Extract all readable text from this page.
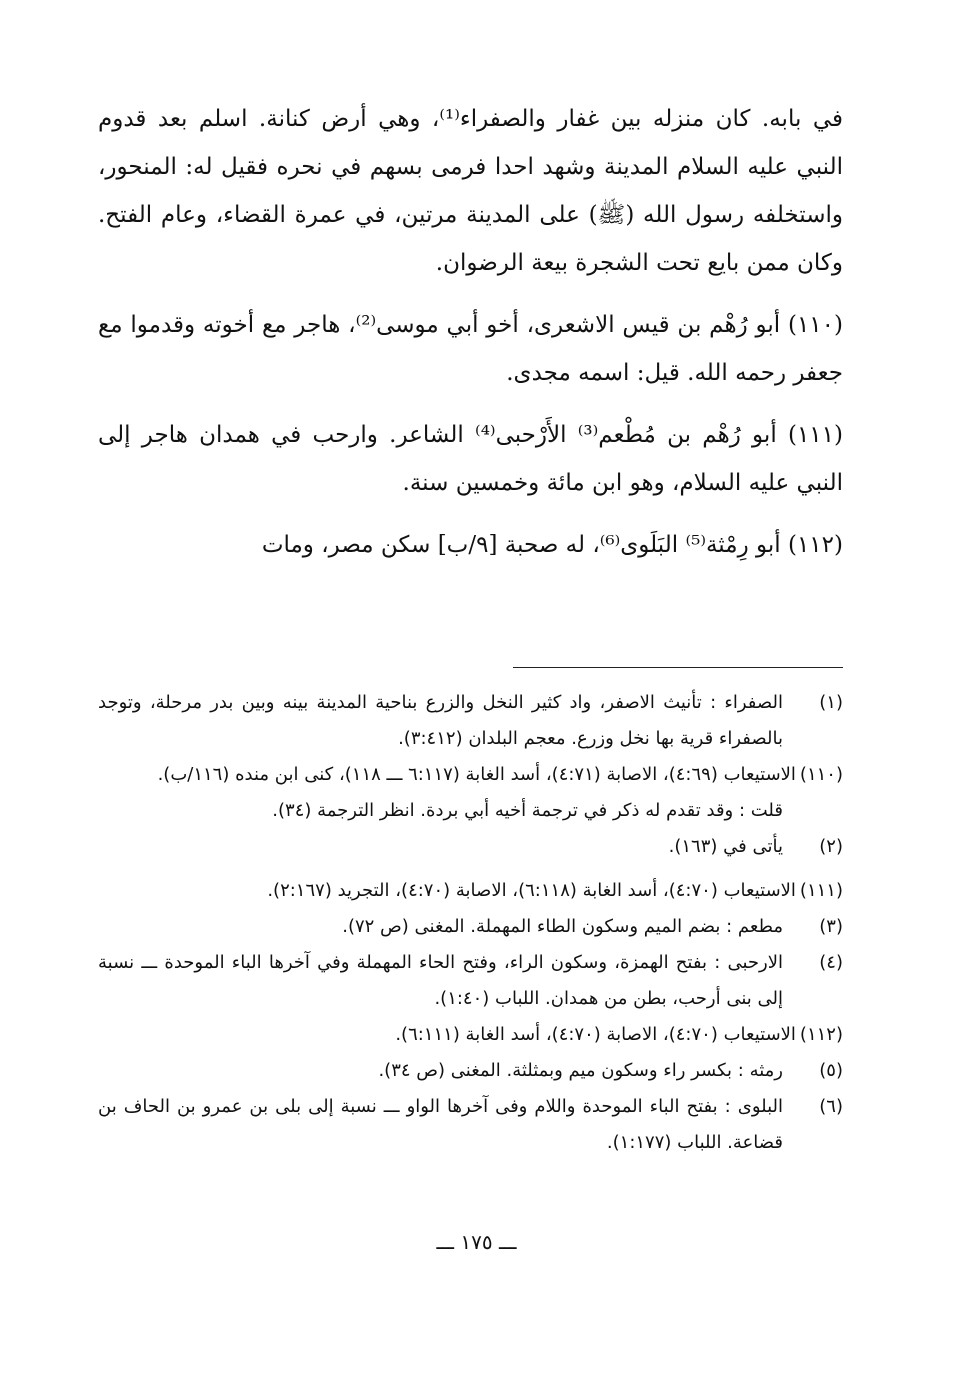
في بابه. كان منزله بين غفار والصفراء⁽¹⁾، وهي أرض كنانة. اسلم بعد قدوم النبي عليه السلام المدينة وشهد احدا فرمى بسهم في نحره فقيل له: المنحور، واستخلفه رسول الله (ﷺ) على المدينة مرتين، في عمرة القضاء، وعام الفتح. وكان ممن بايع تحت الشجرة بيعة الرضوان.

(١١٠) أبو رُهْم بن قيس الاشعرى، أخو أبي موسى⁽²⁾، هاجر مع أخوته وقدموا مع جعفر رحمه الله. قيل: اسمه مجدى.

(١١١) أبو رُهْم بن مُطْعم⁽³⁾ الأَرْحبى⁽⁴⁾ الشاعر. وارحب في همدان هاجر إلى النبي عليه السلام، وهو ابن مائة وخمسين سنة.

(١١٢) أبو رِمْثة⁽⁵⁾ البَلَوى⁽⁶⁾، له صحبة [٩/ب] سكن مصر، ومات

(١)
الصفراء : تأنيث الاصفر، واد كثير النخل والزرع بناحية المدينة بينه وبين بدر مرحلة، وتوجد بالصفراء قرية بها نخل وزرع. معجم البلدان (٣:٤١٢).
(١١٠)
الاستيعاب (٤:٦٩)، الاصابة (٤:٧١)، أسد الغابة (٦:١١٧ ـــ ١١٨)، كنى ابن منده (١١٦/ب).
قلت : وقد تقدم له ذكر في ترجمة أخيه أبي بردة. انظر الترجمة (٣٤).
(٢)
يأتى في (١٦٣).
(١١١)
الاستيعاب (٤:٧٠)، أسد الغابة (٦:١١٨)، الاصابة (٤:٧٠)، التجريد (٢:١٦٧).
(٣)
مطعم : بضم الميم وسكون الطاء المهملة. المغنى (ص ٧٢).
(٤)
الارحبى : بفتح الهمزة، وسكون الراء، وفتح الحاء المهملة وفي آخرها الباء الموحدة ـــ نسبة إلى بنى أرحب، بطن من همدان. اللباب (١:٤٠).
(١١٢)
الاستيعاب (٤:٧٠)، الاصابة (٤:٧٠)، أسد الغابة (٦:١١١).
(٥)
رمثه : بكسر راء وسكون ميم وبمثلثة. المغنى (ص ٣٤).
(٦)
البلوى : بفتح الباء الموحدة واللام وفى آخرها الواو ـــ نسبة إلى بلى بن عمرو بن الحاف بن قضاعة. اللباب (١:١٧٧).
ـــ ١٧٥ ـــ
